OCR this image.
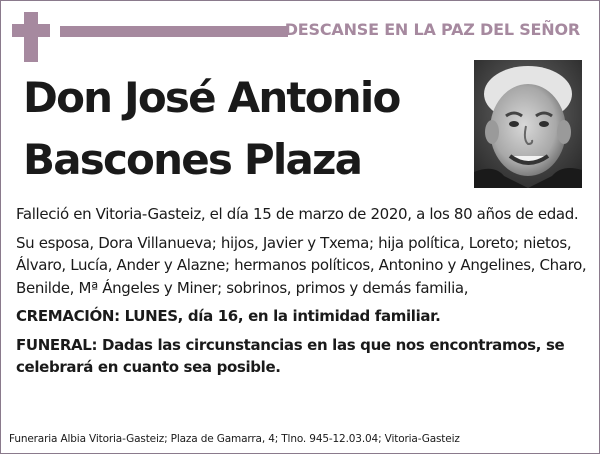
DESCANSE EN LA PAZ DEL SEÑOR
Don José Antonio
Bascones Plaza

Falleció en Vitoria-Gasteiz, el día 15 de marzo de 2020, a los 80 años de edad.

Su esposa, Dora Villanueva; hijos, Javier y Txema; hija política, Loreto; nietos, Álvaro, Lucía, Ander y Alazne; hermanos políticos, Antonino y Angelines, Charo, Benilde, Mª Ángeles y Miner; sobrinos, primos y demás familia,

CREMACIÓN: LUNES, día 16, en la intimidad familiar.

FUNERAL: Dadas las circunstancias en las que nos encontramos, se celebrará en cuanto sea posible.

Funeraria Albia Vitoria-Gasteiz; Plaza de Gamarra, 4; Tlno. 945-12.03.04; Vitoria-Gasteiz
